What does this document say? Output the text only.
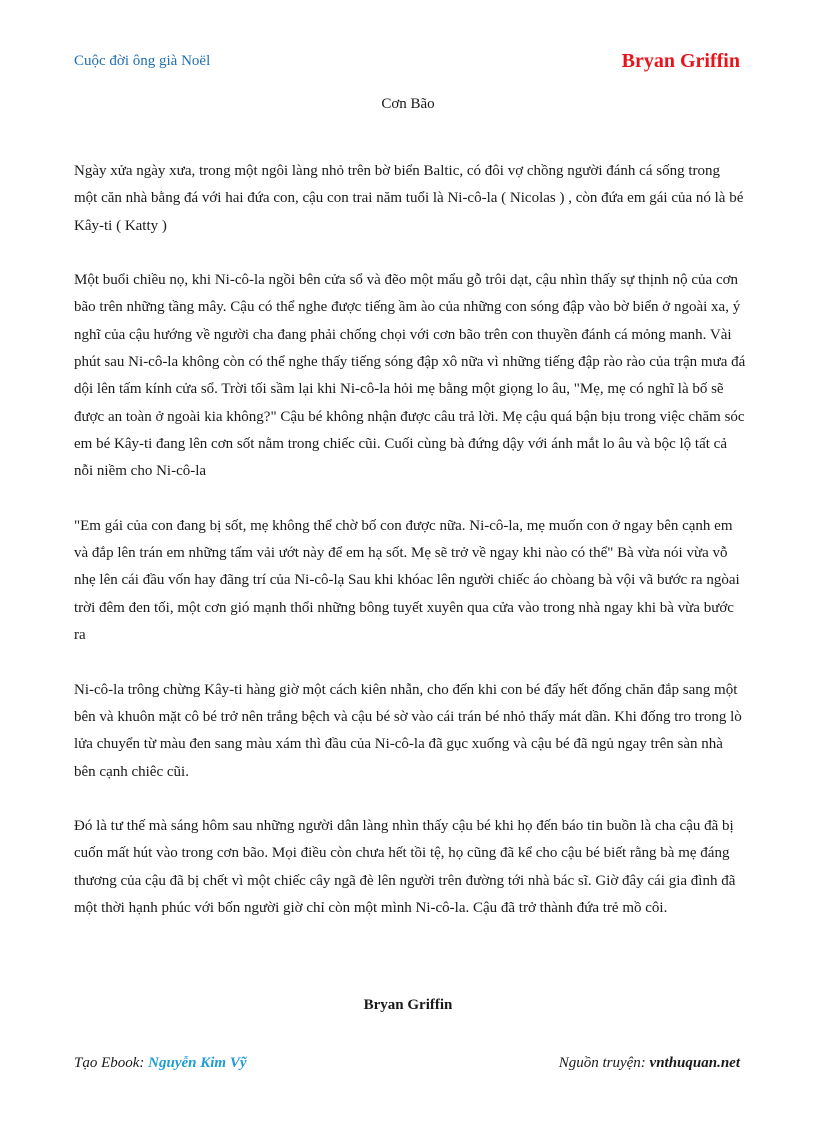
Cuộc đời ông già Noël	Bryan Griffin
Cơn Bão

Ngày xửa ngày xưa, trong một ngôi làng nhỏ trên bờ biển Baltic, có đôi vợ chồng người đánh cá sống trong một căn nhà bằng đá với hai đứa con, cậu con trai năm tuổi là Ni-cô-la ( Nicolas ) , còn đứa em gái của nó là bé Kây-ti ( Katty )

Một buổi chiều nọ, khi Ni-cô-la ngồi bên cửa sổ và đẽo một mẩu gỗ trôi dạt, cậu nhìn thấy sự thịnh nộ của cơn bão trên những tầng mây. Cậu có thể nghe được tiếng ầm ào của những con sóng đập vào bờ biển ở ngoài xa, ý nghĩ của cậu hướng về người cha đang phải chống chọi với cơn bão trên con thuyền đánh cá mỏng manh. Vài phút sau Ni-cô-la không còn có thể nghe thấy tiếng sóng đập xô nữa vì những tiếng đập rào rào của trận mưa đá dội lên tấm kính cửa sổ. Trời tối sầm lại khi Ni-cô-la hỏi mẹ bằng một giọng lo âu, "Mẹ, mẹ có nghĩ là bố sẽ được an toàn ở ngoài kia không?" Cậu bé không nhận được câu trả lời. Mẹ cậu quá bận bịu trong việc chăm sóc em bé Kây-ti đang lên cơn sốt nằm trong chiếc cũi. Cuối cùng bà đứng dậy với ánh mắt lo âu và bộc lộ tất cả nỗi niềm cho Ni-cô-la

"Em gái của con đang bị sốt, mẹ không thể chờ bố con được nữa. Ni-cô-la, mẹ muốn con ở ngay bên cạnh em và đắp lên trán em những tấm vải ướt này để em hạ sốt. Mẹ sẽ trở về ngay khi nào có thể" Bà vừa nói vừa vỗ nhẹ lên cái đầu vốn hay đãng trí của Ni-cô-lạ Sau khi khóac lên người chiếc áo chòang bà vội vã bước ra ngòai trời đêm đen tối, một cơn gió mạnh thổi những bông tuyết xuyên qua cửa vào trong nhà ngay khi bà vừa bước ra

Ni-cô-la trông chừng Kây-ti hàng giờ một cách kiên nhẫn, cho đến khi con bé đẩy hết đống chăn đắp sang một bên và khuôn mặt cô bé trở nên trắng bệch và cậu bé sờ vào cái trán bé nhỏ thấy mát dần. Khi đống tro trong lò lửa chuyển từ màu đen sang màu xám thì đầu của Ni-cô-la đã gục xuống và cậu bé đã ngủ ngay trên sàn nhà bên cạnh chiêc cũi.

Đó là tư thế mà sáng hôm sau những người dân làng nhìn thấy cậu bé khi họ đến báo tin buồn là cha cậu đã bị cuốn mất hút vào trong cơn bão. Mọi điều còn chưa hết tồi tệ, họ cũng đã kể cho cậu bé biết rằng bà mẹ đáng thương của cậu đã bị chết vì một chiếc cây ngã đè lên người trên đường tới nhà bác sĩ. Giờ đây cái gia đình đã một thời hạnh phúc với bốn người giờ chỉ còn một mình Ni-cô-la. Cậu đã trở thành đứa trẻ mồ côi.

Bryan Griffin
Tạo Ebook: Nguyễn Kim Vỹ	Nguồn truyện: vnthuquan.net
